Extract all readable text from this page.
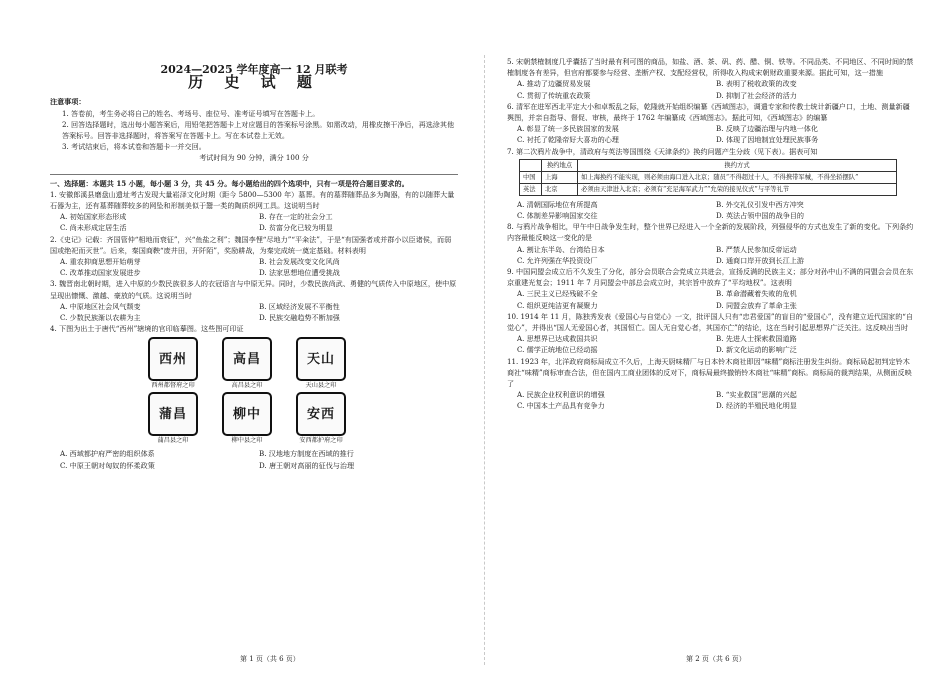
2024—2025 学年度高一 12 月联考
历 史 试 题
注意事项：

1. 答卷前，考生务必将自己的姓名、考场号、座位号、准考证号填写在答题卡上。

2. 回答选择题时，选出每小题答案后，用铅笔把答题卡上对应题目的答案标号涂黑。如需改动，用橡皮擦干净后，再选涂其他答案标号。回答非选择题时，将答案写在答题卡上。写在本试卷上无效。

3. 考试结束后，将本试卷和答题卡一并交回。

考试时间为 90 分钟，满分 100 分
一、选择题：本题共 15 小题，每小题 3 分，共 45 分。每小题给出的四个选项中，只有一项是符合题目要求的。

1. 安徽郎溪县磨盘山遗址考古发现大量崧泽文化时期（距今 5800—5300 年）墓葬。有的墓葬随葬品多为陶器，有的以随葬大量石器为主，还有墓葬随葬较多的网坠和形制美似于鬶一类的陶质织网工具。这说明当时

A. 初始国家形态形成	B. 存在一定的社会分工
C. 尚未形成定居生活	D. 贫富分化已较为明显

2.《史记》记载：齐国管仲“相地而衰征”，兴“鱼盐之利”；魏国李悝“尽地力”“平籴法”，于是“有国强者或并群小以臣诸侯，而弱国或绝祀而灭世”。后来，秦国商鞅“废井田，开阡陌”，奖励耕战，为秦完成统一奠定基础。材料表明

A. 重农抑商思想开始萌芽	B. 社会发展改变文化风尚
C. 改革推动国家发展进步	D. 法家思想地位遭受挑战

3. 魏晋南北朝时期，进入中原的少数民族很多人的衣冠语言与中原无异。同时，少数民族尚武、勇健的气质传入中原地区，使中原呈现出慷慨、激越、豪放的气质。这说明当时

A. 中原地区社会风气颓变	B. 区域经济发展不平衡性
C. 少数民族渐以农耕为主	D. 民族交融趋势不断加强

4. 下图为出土于唐代“西州”辖境的官印临摹图。这些图可印证

西州
西州都督府之印
高昌
高昌县之印
天山
天山县之印
蒲昌
蒲昌县之印
柳中
柳中县之印
安西
安西都护府之印
A. 西域都护府严密的组织体系	B. 汉地地方制度在西域的推行
C. 中原王朝对匈奴的怀柔政策	D. 唐王朝对高丽的征伐与治理

5. 宋朝禁榷制度几乎囊括了当时最有利可图的商品，如盐、酒、茶、矾、药、醋、铜、铁等。不同品类、不同地区、不同时间的禁榷制度各有差异，但官府都要参与经营、垄断产权、支配经营权，所得收入构成宋朝财政重要来源。据此可知，这一措施

A. 推动了边疆贸易发展	B. 表明了税收政策的改变
C. 贯彻了传统重农政策	D. 抑制了社会经济的活力

6. 清军在进军西北平定大小和卓叛乱之际，乾隆就开始组织编纂《西域图志》，调遣专家和传教士统计新疆户口，土地、测量新疆舆图，并亲自指导、督促、审核，最终于 1762 年编纂成《西域图志》。据此可知，《西域图志》的编纂

A. 彰显了统一多民族国家的发展	B. 反映了边疆治理与内地一体化
C. 衬托了乾隆帝好大喜功的心理	D. 体现了因地制宜处理民族事务

7. 第二次鸦片战争中，清政府与英法等国围绕《天津条约》换约问题产生分歧（见下表）。据表可知

	换约地点	换约方式
中国	上海	如上海换约不能实现，则必须由海口进入北京；随员“不得超过十人，不得携带军械，不得坐轿摆队”
英法	北京	必须由天津进入北京；必须有“充足海军武力”“允荣的接见仪式”与平等礼节
A. 清朝国际地位有所提高	B. 外交礼仪引发中西方冲突
C. 体制差异影响国家交往	D. 英法占领中国的战争目的

8. 与鸦片战争相比，甲午中日战争发生时，整个世界已经进入一个全新的发展阶段，列强侵华的方式也发生了新的变化。下列条约内容最能反映这一变化的是

A. 割让东半岛、台湾给日本	B. 严禁人民参加反帝运动
C. 允许列强在华投资设厂	D. 通商口岸开放到长江上游

9. 中国同盟会成立后不久发生了分化，部分会员联合会党成立共进会，宣扬反满的民族主义；部分对孙中山不满的同盟会会员在东京重建光复会；1911 年 7 月同盟会中部总会成立时，其宗旨中放弃了“平均地权”。这表明

A. 三民主义已经残破不全	B. 革命潜藏着失败的危机
C. 组织更纯洁更有凝聚力	D. 同盟会放弃了革命主张

10. 1914 年 11 月，陈独秀发表《爱国心与自觉心》一文，批评国人只有“忠君爱国”的盲目的“爱国心”，没有建立近代国家的“自觉心”，并得出“国人无爱国心者，其国恒亡。国人无自觉心者，其国亦亡”的结论，这在当时引起思想界广泛关注。这反映出当时

A. 思想界已达成救国共识	B. 先进人士探索救国道路
C. 儒学正统地位已经动摇	D. 新文化运动的影响广泛

11. 1923 年，北洋政府商标局成立不久后，上海天厨味精厂与日本铃木商社即因“味精”商标注册发生纠纷。商标局起初判定铃木商社“味精”商标审查合法，但在国内工商业团体的反对下，商标局最终撤销铃木商社“味精”商标。商标局的裁判结果，从侧面反映了

A. 民族企业权利意识的增强	B. “实业救国”思潮的兴起
C. 中国本土产品具有竞争力	D. 经济的半殖民地化明显
第 1 页（共 6 页）	第 2 页（共 6 页）
